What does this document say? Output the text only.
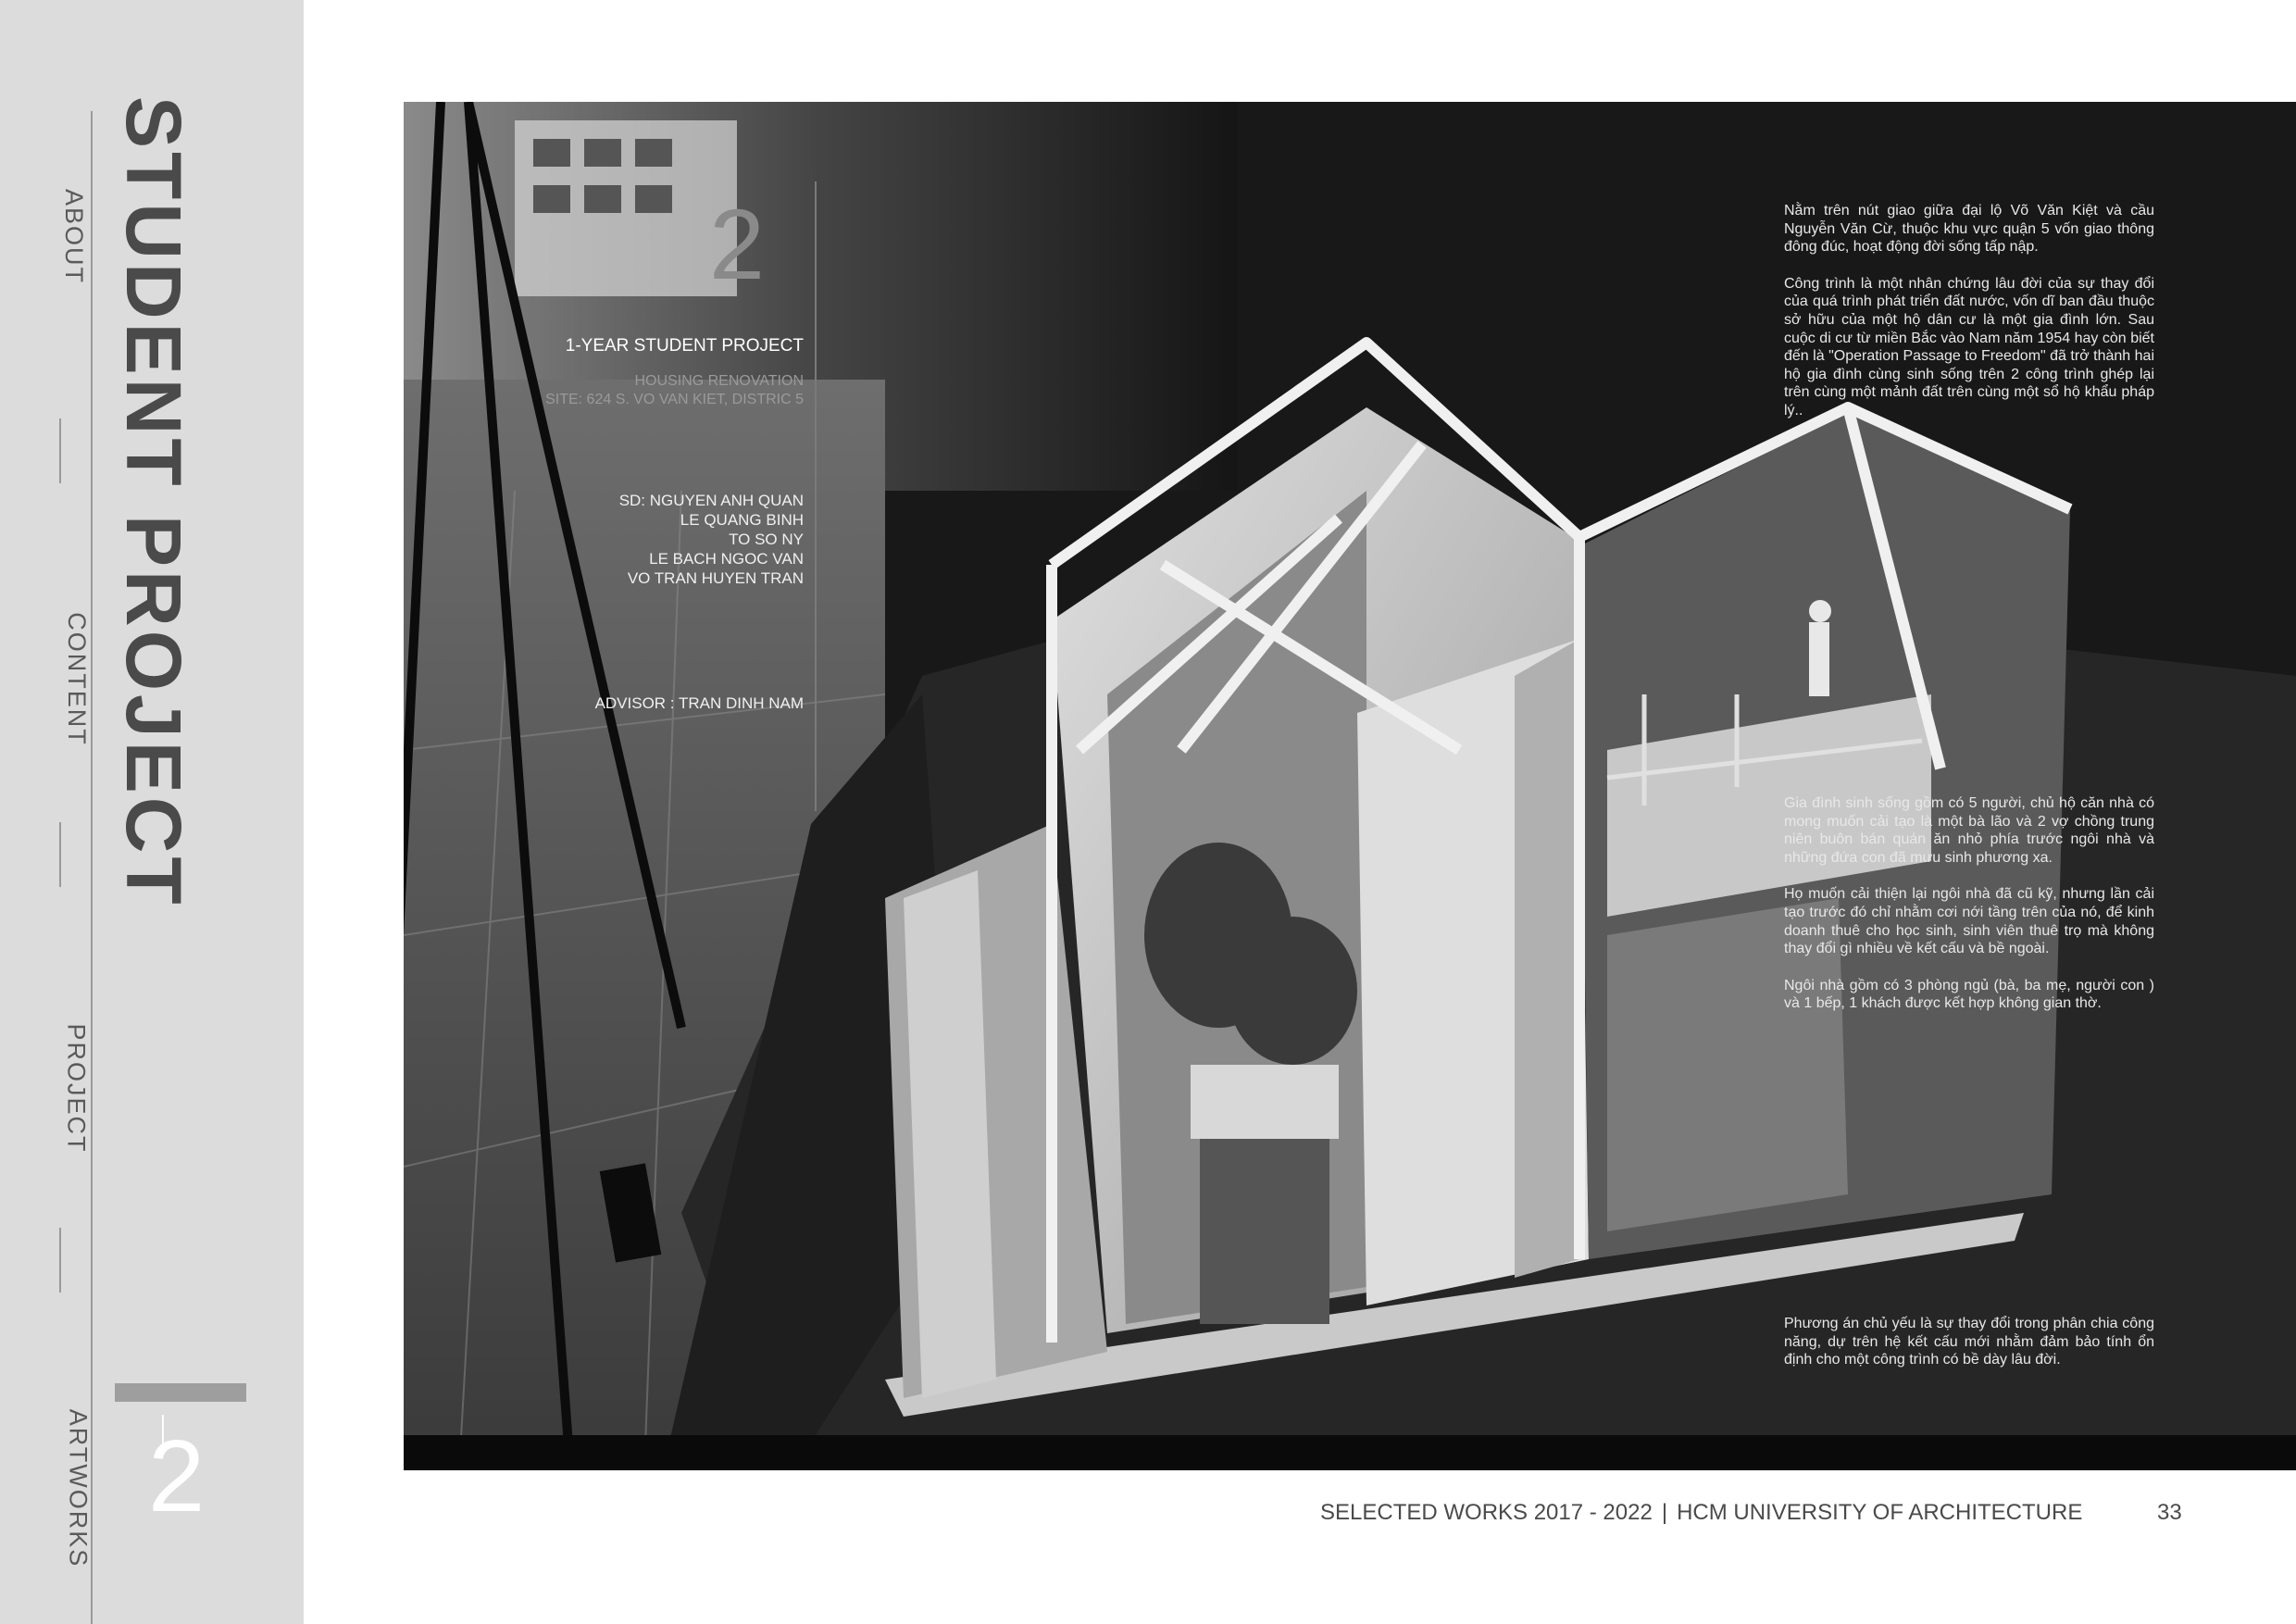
ABOUT
CONTENT
PROJECT
ARTWORKS
STUDENT PROJECT
2
2
1-YEAR STUDENT PROJECT
HOUSING RENOVATION
SITE: 624 S. VO VAN KIET, DISTRIC 5
SD: NGUYEN ANH QUAN
LE QUANG BINH
TO SO NY
LE BACH NGOC VAN
VO TRAN HUYEN TRAN
ADVISOR : TRAN DINH NAM

Nằm trên nút giao giữa đại lộ Võ Văn Kiệt và cầu Nguyễn Văn Cừ, thuộc khu vực quận 5 vốn giao thông đông đúc, hoạt động đời sống tấp nập.

Công trình là một nhân chứng lâu đời của sự thay đổi của quá trình phát triển đất nước, vốn dĩ ban đầu thuộc sở hữu của một hộ dân cư là một gia đình lớn. Sau cuộc di cư từ miền Bắc vào Nam năm 1954 hay còn biết đến là "Operation Passage to Freedom" đã trở thành hai hộ gia đình cùng sinh sống trên 2 công trình ghép lại trên cùng một mảnh đất trên cùng một sổ hộ khẩu pháp lý..

Gia đình sinh sống gồm có 5 người, chủ hộ căn nhà có mong muốn cải tạo là một bà lão và 2 vợ chồng trung niên buôn bán quán ăn nhỏ phía trước ngôi nhà và những đứa con đã mưu sinh phương xa.

Họ muốn cải thiện lại ngôi nhà đã cũ kỹ, nhưng lần cải tạo trước đó chỉ nhằm cơi nới tầng trên của nó, để kinh doanh thuê cho học sinh, sinh viên thuê trọ mà không thay đổi gì nhiều về kết cấu và bề ngoài.

Ngôi nhà gồm có 3 phòng ngủ (bà, ba mẹ, người con ) và 1 bếp, 1 khách được kết hợp không gian thờ.

Phương án chủ yếu là sự thay đổi trong phân chia công năng, dự trên hệ kết cấu mới nhằm đảm bảo tính ổn định cho một công trình có bề dày lâu đời.

SELECTED WORKS 2017 - 2022 | HCM UNIVERSITY OF ARCHITECTURE	33
